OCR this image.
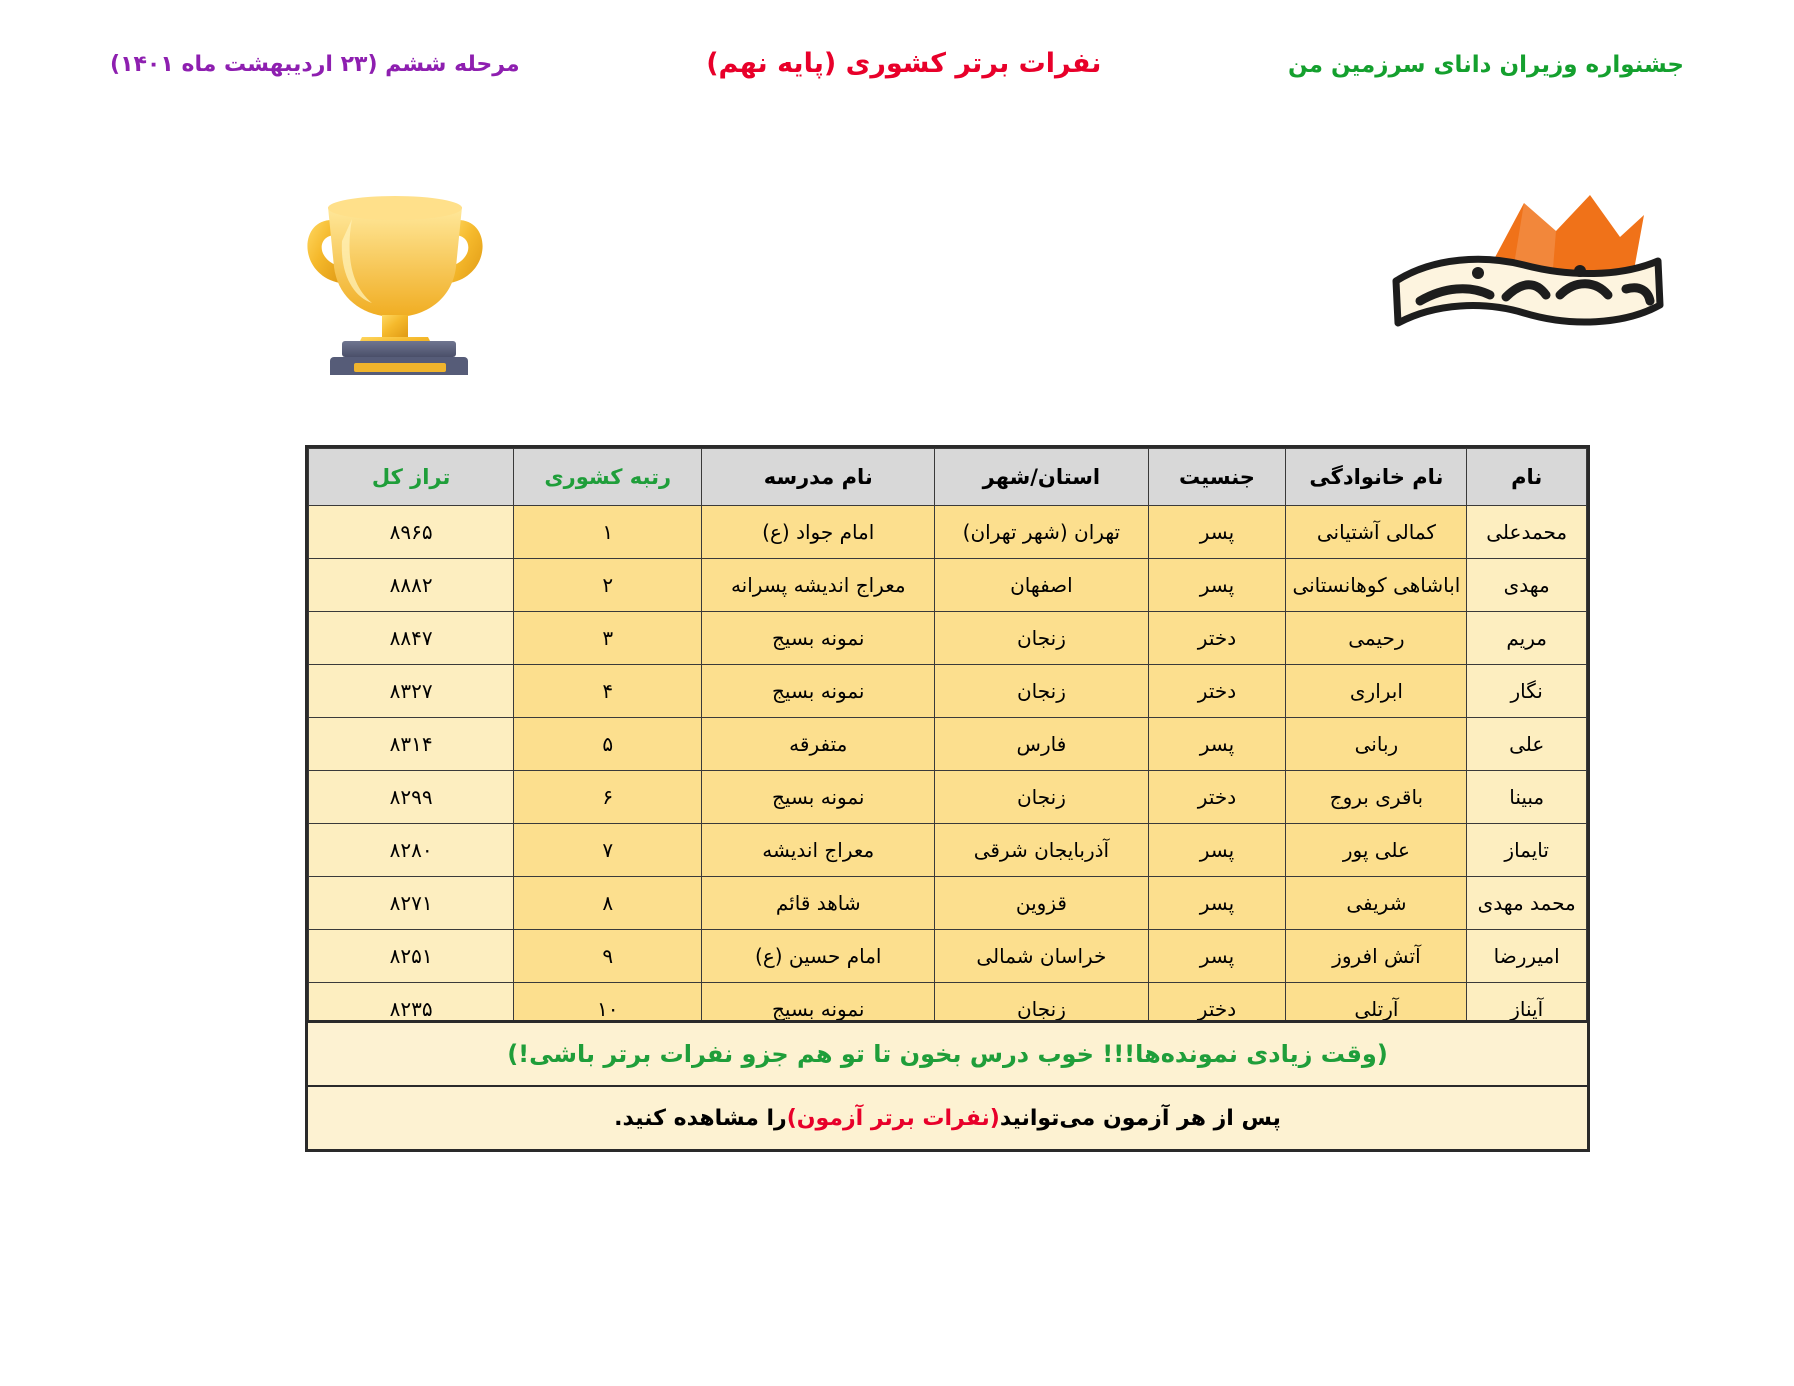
جشنواره وزیران دانای سرزمین من
نفرات برتر کشوری (پایه نهم)
مرحله ششم (۲۳ اردیبهشت ماه ۱۴۰۱)
نام	نام خانوادگی	جنسیت	استان/شهر	نام مدرسه	رتبه کشوری	تراز کل
محمدعلی	کمالی آشتیانی	پسر	تهران (شهر تهران)	امام جواد (ع)	۱	۸۹۶۵
مهدی	اباشاهی کوهانستانی	پسر	اصفهان	معراج اندیشه پسرانه	۲	۸۸۸۲
مریم	رحیمی	دختر	زنجان	نمونه بسیج	۳	۸۸۴۷
نگار	ابراری	دختر	زنجان	نمونه بسیج	۴	۸۳۲۷
علی	ربانی	پسر	فارس	متفرقه	۵	۸۳۱۴
مبینا	باقری بروج	دختر	زنجان	نمونه بسیج	۶	۸۲۹۹
تایماز	علی پور	پسر	آذربایجان شرقی	معراج اندیشه	۷	۸۲۸۰
محمد مهدی	شریفی	پسر	قزوین	شاهد قائم	۸	۸۲۷۱
امیررضا	آتش افروز	پسر	خراسان شمالی	امام حسین (ع)	۹	۸۲۵۱
آیناز	آرتلی	دختر	زنجان	نمونه بسیج	۱۰	۸۲۳۵
(وقت زیادی نمونده‌ها!!! خوب درس بخون تا تو هم جزو نفرات برتر باشی!)
پس از هر آزمون می‌توانید
(نفرات برتر آزمون)
را مشاهده کنید.
